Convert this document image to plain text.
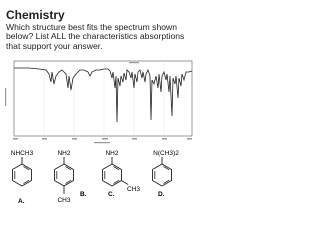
Chemistry
Which structure best fits the spectrum shown below? List ALL the characteristics absorptions that support your answer.
NHCH3
A.
NH2
CH3
B.
NH2
CH3
C.
N(CH3)2
D.
